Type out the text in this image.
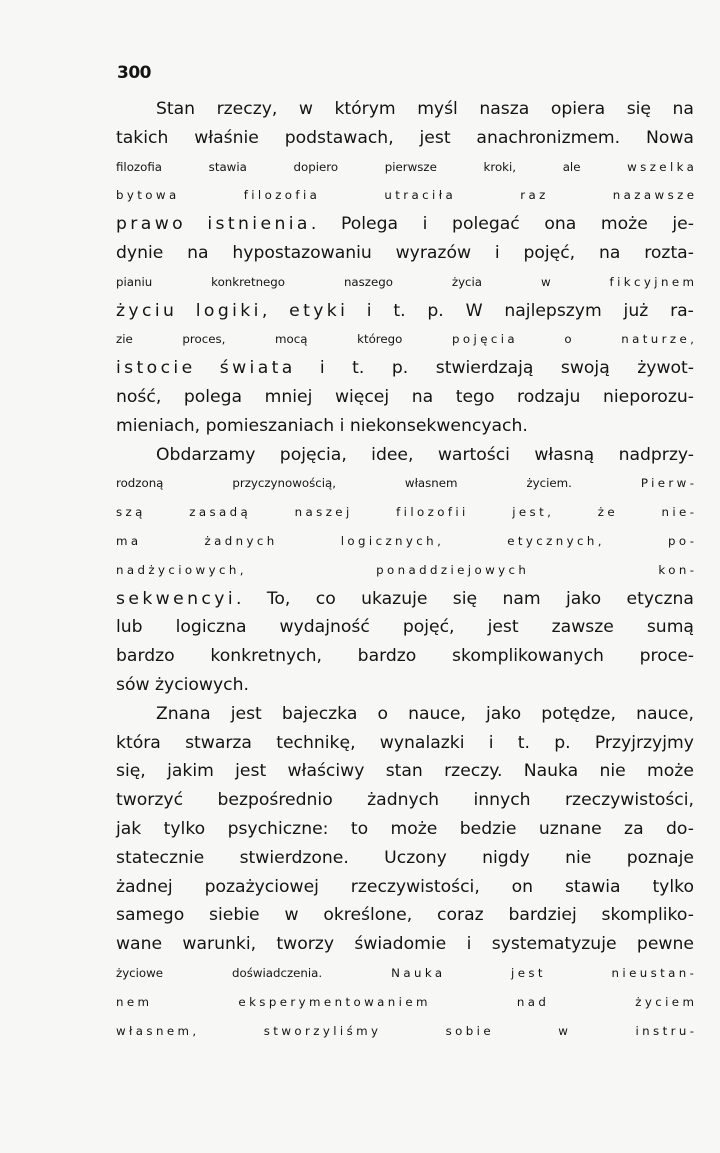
300
Stan rzeczy, w którym myśl nasza opiera się na
takich właśnie podstawach, jest anachronizmem. Nowa
filozofia	stawia	dopiero	pierwsze	kroki,	ale	wszelka
bytowa	filozofia	utraciła	raz	nazawsze
prawo istnienia. Polega i polegać ona może je-
dynie na hypostazowaniu wyrazów i pojęć, na rozta-
pianiu	konkretnego	naszego	życia	w	fikcyjnem
życiu logiki, etyki i t. p. W najlepszym już ra-
zie	proces,	mocą	którego	pojęcia	o	naturze,
istocie świata i t. p. stwierdzają swoją żywot-
ność, polega mniej więcej na tego rodzaju nieporozu-
mieniach,
pomieszaniach
i
niekonsekwencyach.
Obdarzamy pojęcia, idee, wartości własną nadprzy-
rodzoną	przyczynowością,	własnem	życiem.	Pierw-
szą	zasadą	naszej	filozofii	jest,	że	nie-
ma	żadnych	logicznych,	etycznych,	po-
nadżyciowych,	ponaddziejowych	kon-
sekwencyi. To, co ukazuje się nam jako etyczna
lub logiczna wydajność pojęć, jest zawsze sumą
bardzo konkretnych, bardzo skomplikowanych proce-
sów
życiowych.
Znana jest bajeczka o nauce, jako potędze, nauce,
która stwarza technikę, wynalazki i t. p. Przyjrzyjmy
się, jakim jest właściwy stan rzeczy. Nauka nie może
tworzyć bezpośrednio żadnych innych rzeczywistości,
jak tylko psychiczne: to może bedzie uznane za do-
statecznie stwierdzone. Uczony nigdy nie poznaje
żadnej pozażyciowej rzeczywistości, on stawia tylko
samego siebie w określone, coraz bardziej skompliko-
wane warunki, tworzy świadomie i systematyzuje pewne
życiowe	doświadczenia.	Nauka	jest	nieustan-
nem	eksperymentowaniem	nad	życiem
własnem,	stworzyliśmy	sobie	w	instru-
